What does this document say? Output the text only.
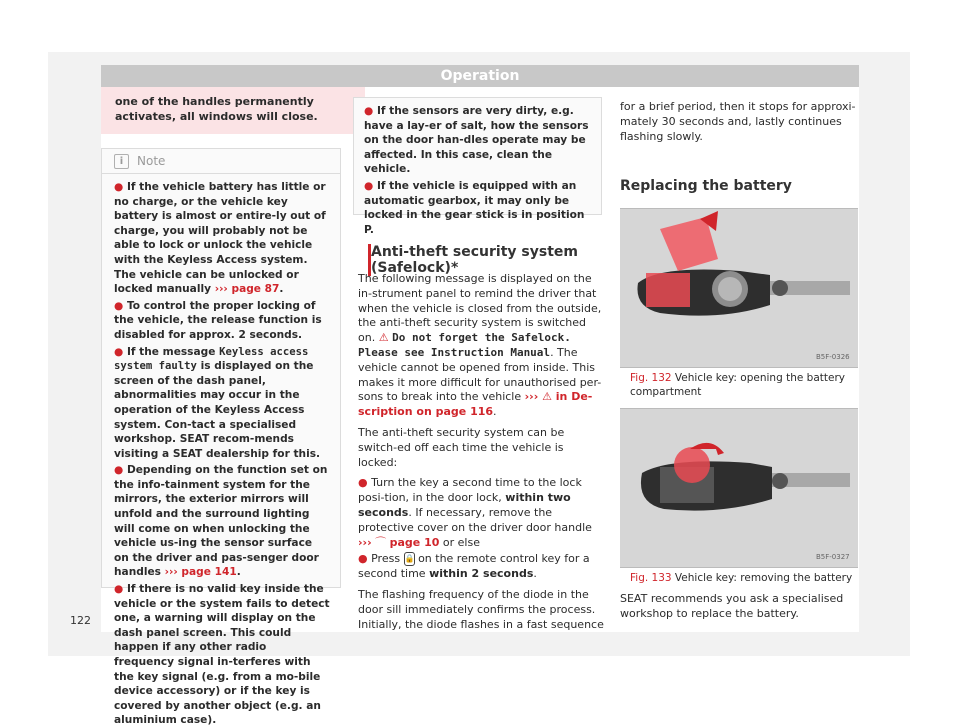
Operation
one of the handles permanently activates, all windows will close.
i	Note
● If the vehicle battery has little or no charge, or the vehicle key battery is almost or entire-ly out of charge, you will probably not be able to lock or unlock the vehicle with the Keyless Access system. The vehicle can be unlocked or locked manually ››› page 87.
● To control the proper locking of the vehicle, the release function is disabled for approx. 2 seconds.
● If the message Keyless access system faulty is displayed on the screen of the dash panel, abnormalities may occur in the operation of the Keyless Access system. Con-tact a specialised workshop. SEAT recom-mends visiting a SEAT dealership for this.
● Depending on the function set on the info-tainment system for the mirrors, the exterior mirrors will unfold and the surround lighting will come on when unlocking the vehicle us-ing the sensor surface on the driver and pas-senger door handles ››› page 141.
● If there is no valid key inside the vehicle or the system fails to detect one, a warning will display on the dash panel screen. This could happen if any other radio frequency signal in-terferes with the key signal (e.g. from a mo-bile device accessory) or if the key is covered by another object (e.g. an aluminium case).
● If the sensors are very dirty, e.g. have a lay-er of salt, how the sensors on the door han-dles operate may be affected. In this case, clean the vehicle.
● If the vehicle is equipped with an automatic gearbox, it may only be locked in the gear stick is in position P.
Anti-theft security system (Safelock)*
The following message is displayed on the in-strument panel to remind the driver that when the vehicle is closed from the outside, the anti-theft security system is switched on. ⚠ Do not forget the Safelock. Please see Instruction Manual. The vehicle cannot be opened from inside. This makes it more difficult for unauthorised per-sons to break into the vehicle ››› ⚠ in De-scription on page 116.
The anti-theft security system can be switch-ed off each time the vehicle is locked:
● Turn the key a second time to the lock posi-tion, in the door lock, within two seconds. If necessary, remove the protective cover on the driver door handle ››› ⌒ page 10 or else
● Press 🔒 on the remote control key for a second time within 2 seconds.
The flashing frequency of the diode in the door sill immediately confirms the process. Initially, the diode flashes in a fast sequence
for a brief period, then it stops for approxi-mately 30 seconds and, lastly continues flashing slowly.
Replacing the battery
B5F-0326
Fig. 132 Vehicle key: opening the battery compartment
B5F-0327
Fig. 133 Vehicle key: removing the battery
SEAT recommends you ask a specialised workshop to replace the battery.
122
